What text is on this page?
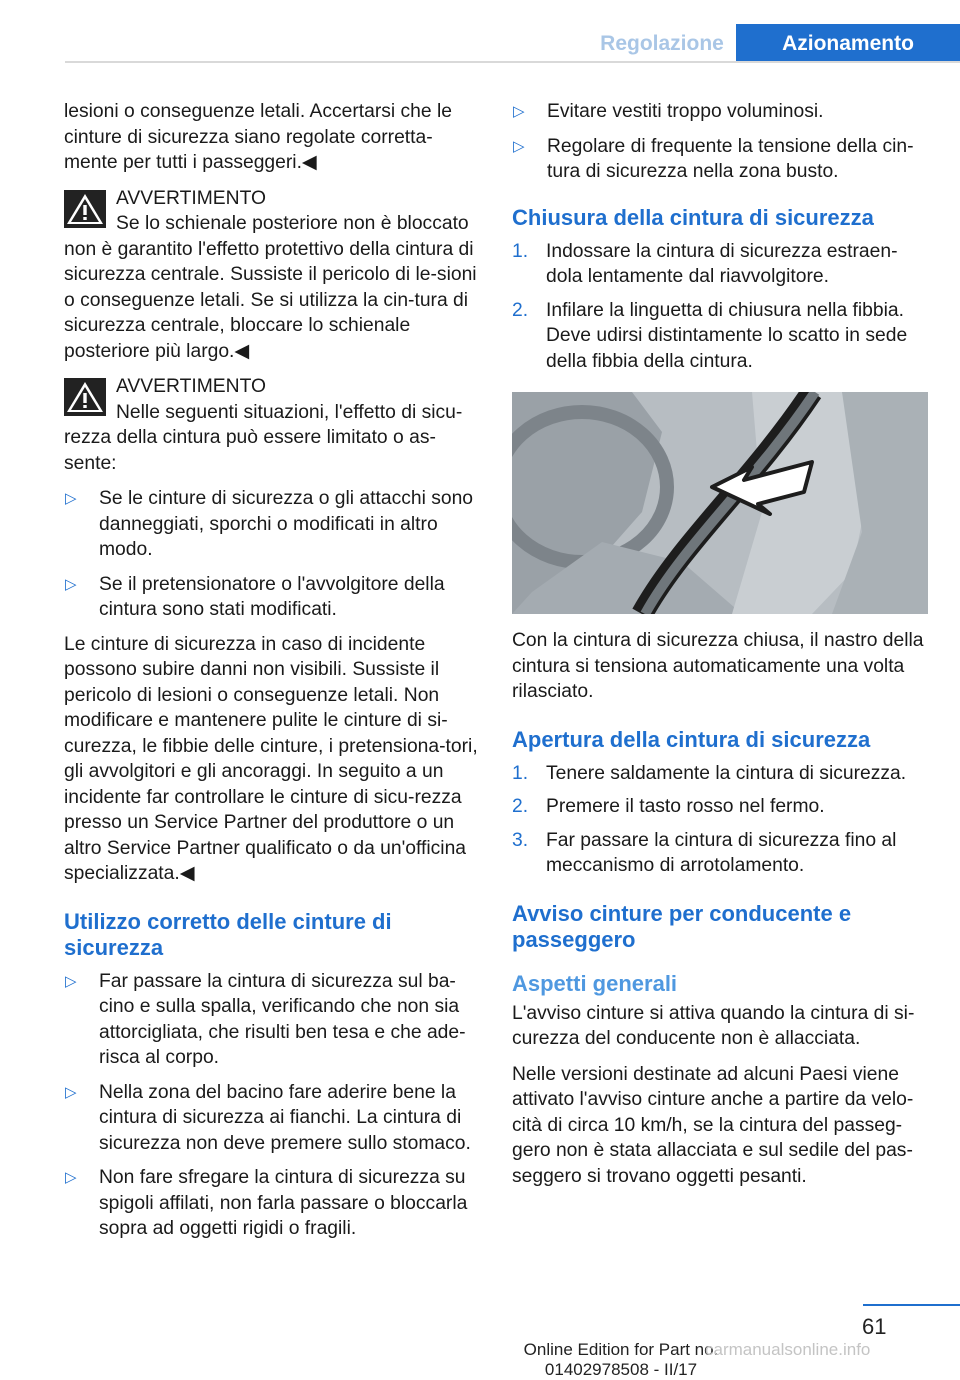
Regolazione	Azionamento

lesioni o conseguenze letali. Accertarsi che le cinture di sicurezza siano regolate corretta‐mente per tutti i passeggeri.◀

AVVERTIMENTO
Se lo schienale posteriore non è bloccato non è garantito l'effetto protettivo della cintura di sicurezza centrale. Sussiste il pericolo di le‐sioni o conseguenze letali. Se si utilizza la cin‐tura di sicurezza centrale, bloccare lo schienale posteriore più largo.◀
AVVERTIMENTO
Nelle seguenti situazioni, l'effetto di sicu‐rezza della cintura può essere limitato o as‐sente:
▷ Se le cinture di sicurezza o gli attacchi sono danneggiati, sporchi o modificati in altro modo.
▷ Se il pretensionatore o l'avvolgitore della cintura sono stati modificati.

Le cinture di sicurezza in caso di incidente possono subire danni non visibili. Sussiste il pericolo di lesioni o conseguenze letali. Non modificare e mantenere pulite le cinture di si‐curezza, le fibbie delle cinture, i pretensiona‐tori, gli avvolgitori e gli ancoraggi. In seguito a un incidente far controllare le cinture di sicu‐rezza presso un Service Partner del produttore o un altro Service Partner qualificato o da un'officina specializzata.◀

Utilizzo corretto delle cinture di sicurezza
▷ Far passare la cintura di sicurezza sul ba‐cino e sulla spalla, verificando che non sia attorcigliata, che risulti ben tesa e che ade‐risca al corpo.
▷ Nella zona del bacino fare aderire bene la cintura di sicurezza ai fianchi. La cintura di sicurezza non deve premere sullo stomaco.
▷ Non fare sfregare la cintura di sicurezza su spigoli affilati, non farla passare o bloccarla sopra ad oggetti rigidi o fragili.
▷ Evitare vestiti troppo voluminosi.
▷ Regolare di frequente la tensione della cin‐tura di sicurezza nella zona busto.
Chiusura della cintura di sicurezza
1. Indossare la cintura di sicurezza estraen‐dola lentamente dal riavvolgitore.
2. Infilare la linguetta di chiusura nella fibbia. Deve udirsi distintamente lo scatto in sede della fibbia della cintura.

Con la cintura di sicurezza chiusa, il nastro della cintura si tensiona automaticamente una volta rilasciato.

Apertura della cintura di sicurezza
1. Tenere saldamente la cintura di sicurezza.
2. Premere il tasto rosso nel fermo.
3. Far passare la cintura di sicurezza fino al meccanismo di arrotolamento.
Avviso cinture per conducente e passeggero
Aspetti generali

L'avviso cinture si attiva quando la cintura di si‐curezza del conducente non è allacciata.

Nelle versioni destinate ad alcuni Paesi viene attivato l'avviso cinture anche a partire da velo‐cità di circa 10 km/h, se la cintura del passeg‐gero non è stata allacciata e sul sedile del pas‐seggero si trovano oggetti pesanti.

61
Online Edition for Part no. 01402978508 - II/17
carmanualsonline.info
